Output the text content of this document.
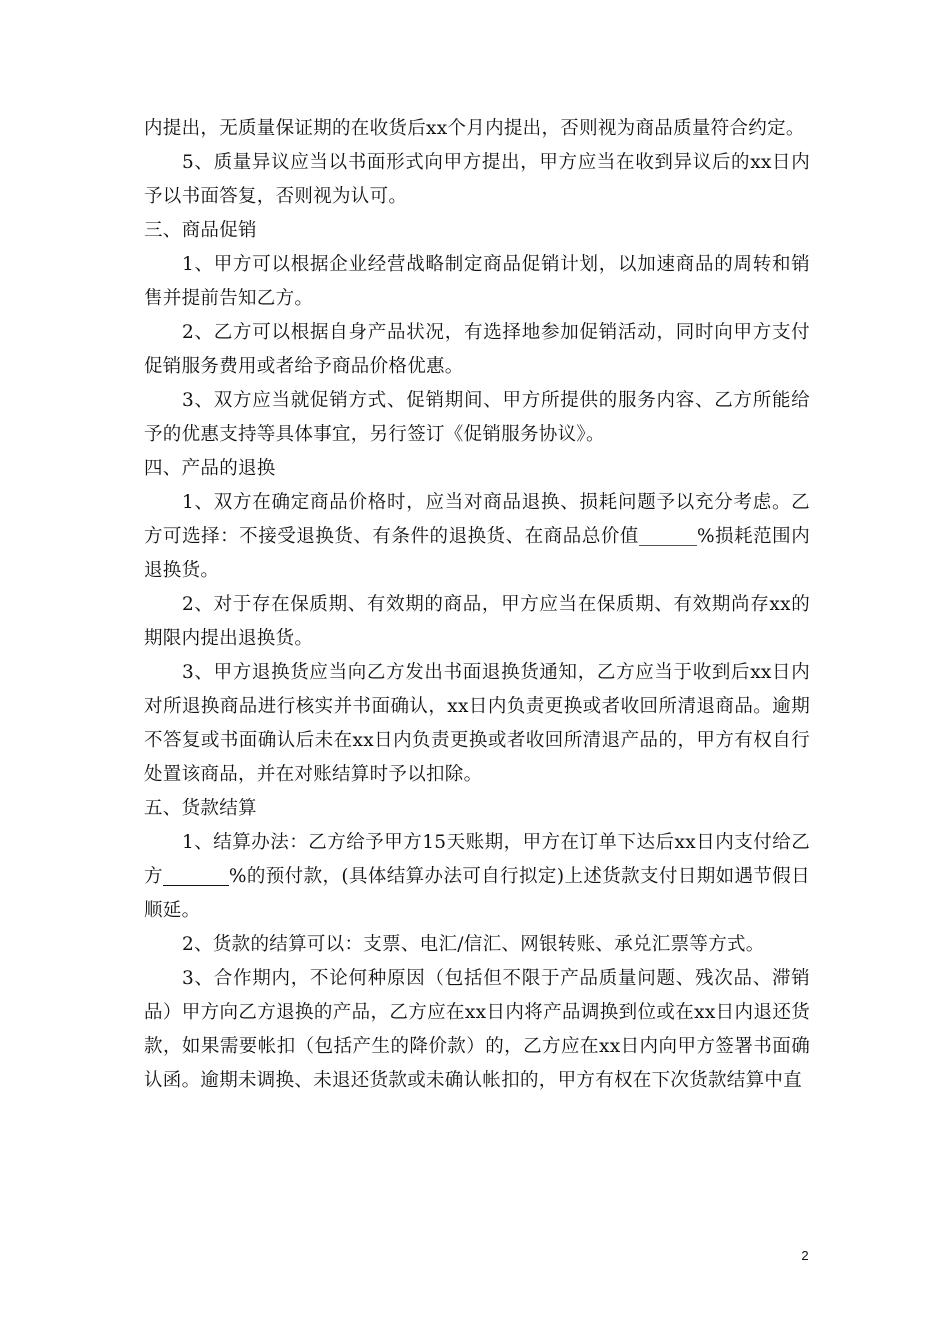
内提出，无质量保证期的在收货后xx个月内提出，否则视为商品质量符合约定。

5、质量异议应当以书面形式向甲方提出，甲方应当在收到异议后的xx日内予以书面答复，否则视为认可。

三、商品促销

1、甲方可以根据企业经营战略制定商品促销计划，以加速商品的周转和销售并提前告知乙方。

2、乙方可以根据自身产品状况，有选择地参加促销活动，同时向甲方支付促销服务费用或者给予商品价格优惠。

3、双方应当就促销方式、促销期间、甲方所提供的服务内容、乙方所能给予的优惠支持等具体事宜，另行签订《促销服务协议》。

四、产品的退换

1、双方在确定商品价格时，应当对商品退换、损耗问题予以充分考虑。乙方可选择：不接受退换货、有条件的退换货、在商品总价值	%损耗范围内退换货。

2、对于存在保质期、有效期的商品，甲方应当在保质期、有效期尚存xx的期限内提出退换货。

3、甲方退换货应当向乙方发出书面退换货通知，乙方应当于收到后xx日内对所退换商品进行核实并书面确认，xx日内负责更换或者收回所清退商品。逾期不答复或书面确认后未在xx日内负责更换或者收回所清退产品的，甲方有权自行处置该商品，并在对账结算时予以扣除。

五、货款结算

1、结算办法：乙方给予甲方15天账期，甲方在订单下达后xx日内支付给乙方	%的预付款，(具体结算办法可自行拟定)上述货款支付日期如遇节假日顺延。

2、货款的结算可以：支票、电汇/信汇、网银转账、承兑汇票等方式。

3、合作期内，不论何种原因（包括但不限于产品质量问题、残次品、滞销品）甲方向乙方退换的产品，乙方应在xx日内将产品调换到位或在xx日内退还货款，如果需要帐扣（包括产生的降价款）的，乙方应在xx日内向甲方签署书面确认函。逾期未调换、未退还货款或未确认帐扣的，甲方有权在下次货款结算中直

2
